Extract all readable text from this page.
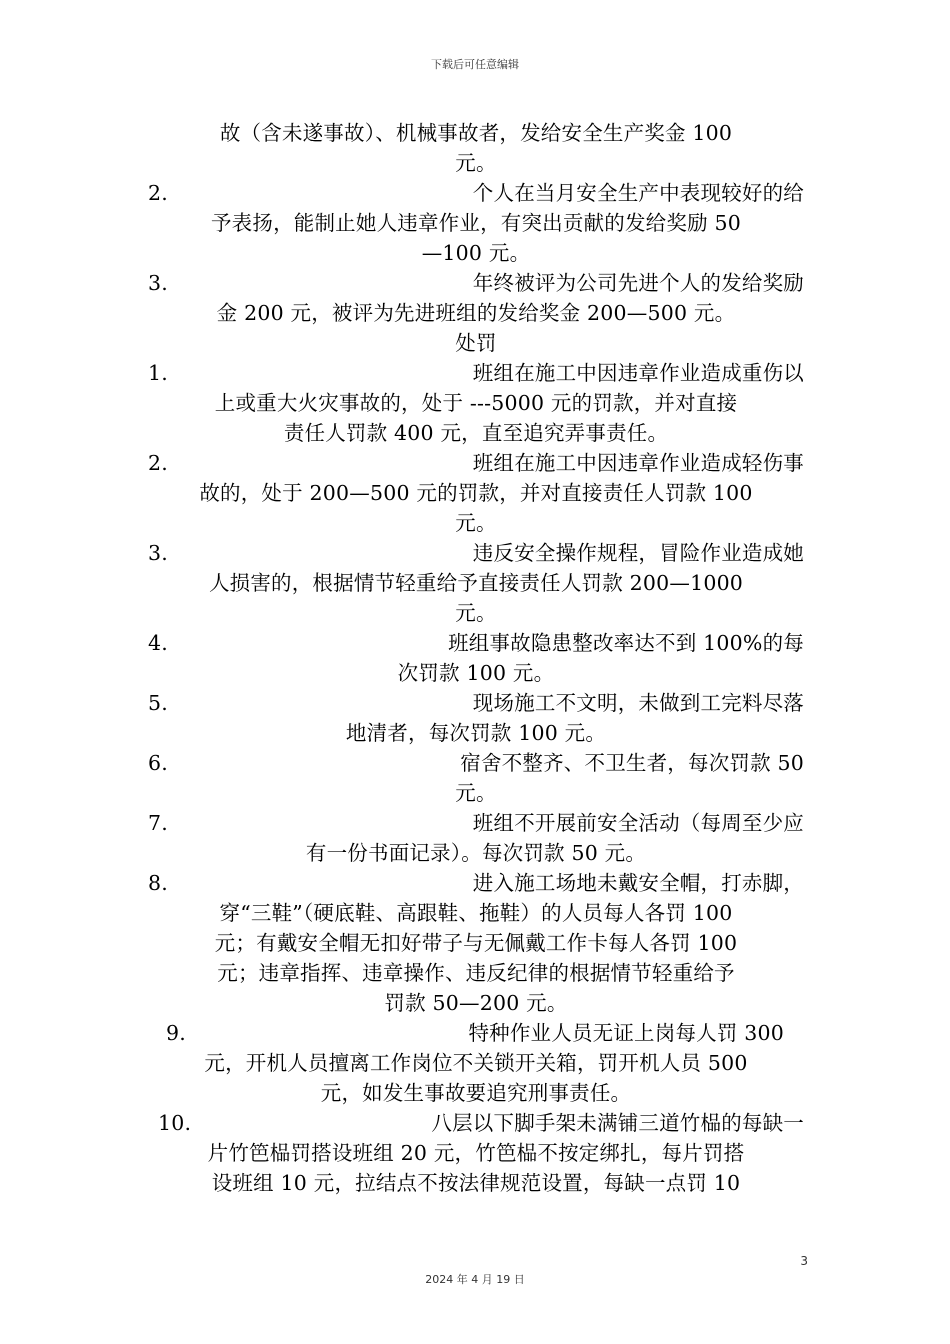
下载后可任意编辑
故（含未遂事故）、机械事故者，发给安全生产奖金 100
元。
2.	个人在当月安全生产中表现较好的给
予表扬，能制止她人违章作业，有突出贡献的发给奖励 50
—100 元。
3.	年终被评为公司先进个人的发给奖励
金 200 元，被评为先进班组的发给奖金 200—500 元。
处罚
1.	班组在施工中因违章作业造成重伤以
上或重大火灾事故的，处于 ---5000 元的罚款，并对直接
责任人罚款 400 元，直至追究弄事责任。
2.	班组在施工中因违章作业造成轻伤事
故的，处于 200—500 元的罚款，并对直接责任人罚款 100
元。
3.	违反安全操作规程，冒险作业造成她
人损害的，根据情节轻重给予直接责任人罚款 200—1000
元。
4.	班组事故隐患整改率达不到 100%的每
次罚款 100 元。
5.	现场施工不文明，未做到工完料尽落
地清者，每次罚款 100 元。
6.	宿舍不整齐、不卫生者，每次罚款 50
元。
7.	班组不开展前安全活动（每周至少应
有一份书面记录）。每次罚款 50 元。
8.	进入施工场地未戴安全帽，打赤脚，
穿“三鞋”（硬底鞋、高跟鞋、拖鞋）的人员每人各罚 100
元；有戴安全帽无扣好带子与无佩戴工作卡每人各罚 100
元；违章指挥、违章操作、违反纪律的根据情节轻重给予
罚款 50—200 元。
9.	特种作业人员无证上岗每人罚 300
元，开机人员擅离工作岗位不关锁开关箱，罚开机人员 500
元，如发生事故要追究刑事责任。
10.	八层以下脚手架未满铺三道竹榀的每缺一
片竹笆榀罚搭设班组 20 元，竹笆榀不按定绑扎，每片罚搭
设班组 10 元，拉结点不按法律规范设置，每缺一点罚 10
3
2024 年 4 月 19 日
